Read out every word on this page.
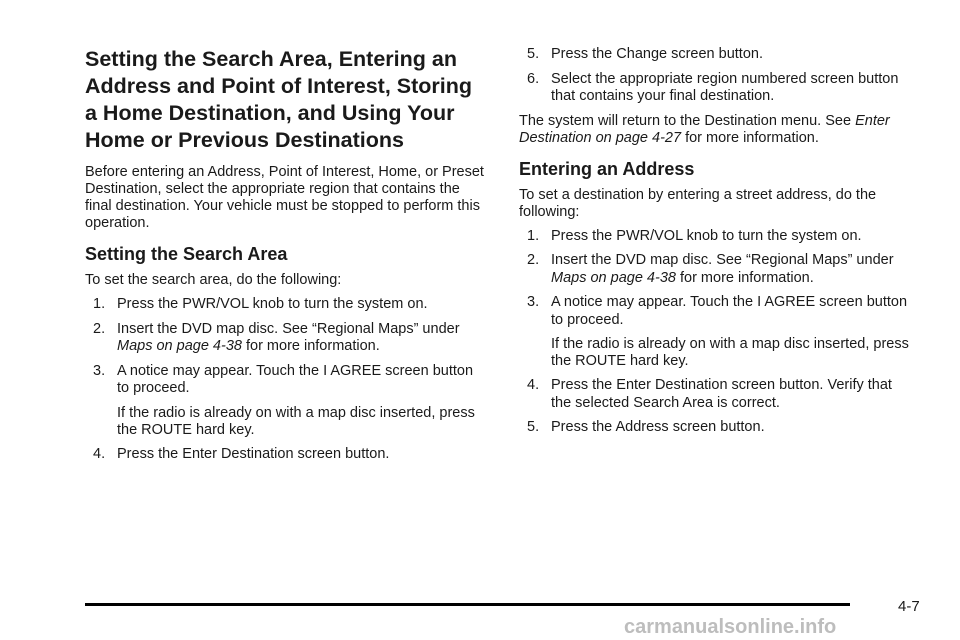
Setting the Search Area, Entering an Address and Point of Interest, Storing a Home Destination, and Using Your Home or Previous Destinations

Before entering an Address, Point of Interest, Home, or Preset Destination, select the appropriate region that contains the final destination. Your vehicle must be stopped to perform this operation.

Setting the Search Area

To set the search area, do the following:

1. Press the PWR/VOL knob to turn the system on.
2. Insert the DVD map disc. See “Regional Maps” under Maps on page 4-38 for more information.
3. A notice may appear. Touch the I AGREE screen button to proceed.

If the radio is already on with a map disc inserted, press the ROUTE hard key.

4. Press the Enter Destination screen button.
5. Press the Change screen button.
6. Select the appropriate region numbered screen button that contains your final destination.

The system will return to the Destination menu. See Enter Destination on page 4-27 for more information.

Entering an Address

To set a destination by entering a street address, do the following:

1. Press the PWR/VOL knob to turn the system on.
2. Insert the DVD map disc. See “Regional Maps” under Maps on page 4-38 for more information.
3. A notice may appear. Touch the I AGREE screen button to proceed.

If the radio is already on with a map disc inserted, press the ROUTE hard key.

4. Press the Enter Destination screen button. Verify that the selected Search Area is correct.
5. Press the Address screen button.
4-7
carmanualsonline.info
